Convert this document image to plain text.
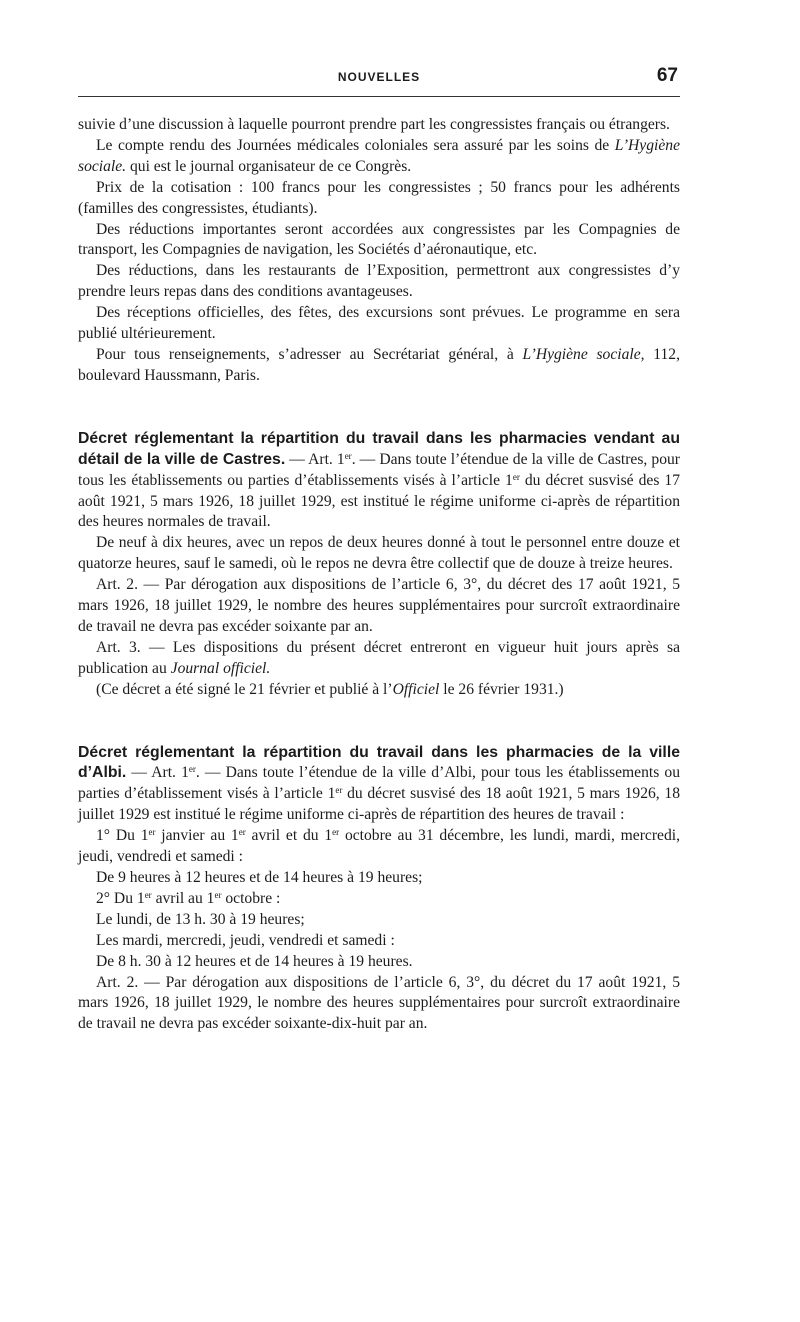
NOUVELLES	67

suivie d’une discussion à laquelle pourront prendre part les congressistes français ou étrangers.

Le compte rendu des Journées médicales coloniales sera assuré par les soins de L’Hygiène sociale. qui est le journal organisateur de ce Congrès.

Prix de la cotisation : 100 francs pour les congressistes ; 50 francs pour les adhérents (familles des congressistes, étudiants).

Des réductions importantes seront accordées aux congressistes par les Compagnies de transport, les Compagnies de navigation, les Sociétés d’aéronautique, etc.

Des réductions, dans les restaurants de l’Exposition, permettront aux congressistes d’y prendre leurs repas dans des conditions avantageuses.

Des réceptions officielles, des fêtes, des excursions sont prévues. Le programme en sera publié ultérieurement.

Pour tous renseignements, s’adresser au Secrétariat général, à L’Hygiène sociale, 112, boulevard Haussmann, Paris.

Décret réglementant la répartition du travail dans les pharmacies vendant au détail de la ville de Castres. — Art. 1er. — Dans toute l’étendue de la ville de Castres, pour tous les établissements ou parties d’établissements visés à l’article 1er du décret susvisé des 17 août 1921, 5 mars 1926, 18 juillet 1929, est institué le régime uniforme ci-après de répartition des heures normales de travail.

De neuf à dix heures, avec un repos de deux heures donné à tout le personnel entre douze et quatorze heures, sauf le samedi, où le repos ne devra être collectif que de douze à treize heures.

Art. 2. — Par dérogation aux dispositions de l’article 6, 3°, du décret des 17 août 1921, 5 mars 1926, 18 juillet 1929, le nombre des heures supplémentaires pour surcroît extraordinaire de travail ne devra pas excéder soixante par an.

Art. 3. — Les dispositions du présent décret entreront en vigueur huit jours après sa publication au Journal officiel.

(Ce décret a été signé le 21 février et publié à l’Officiel le 26 février 1931.)

Décret réglementant la répartition du travail dans les pharmacies de la ville d’Albi. — Art. 1er. — Dans toute l’étendue de la ville d’Albi, pour tous les établissements ou parties d’établissement visés à l’article 1er du décret susvisé des 18 août 1921, 5 mars 1926, 18 juillet 1929 est institué le régime uniforme ci-après de répartition des heures de travail :

1° Du 1er janvier au 1er avril et du 1er octobre au 31 décembre, les lundi, mardi, mercredi, jeudi, vendredi et samedi :

De 9 heures à 12 heures et de 14 heures à 19 heures;

2° Du 1er avril au 1er octobre :

Le lundi, de 13 h. 30 à 19 heures;

Les mardi, mercredi, jeudi, vendredi et samedi :

De 8 h. 30 à 12 heures et de 14 heures à 19 heures.

Art. 2. — Par dérogation aux dispositions de l’article 6, 3°, du décret du 17 août 1921, 5 mars 1926, 18 juillet 1929, le nombre des heures supplémentaires pour surcroît extraordinaire de travail ne devra pas excéder soixante-dix-huit par an.
